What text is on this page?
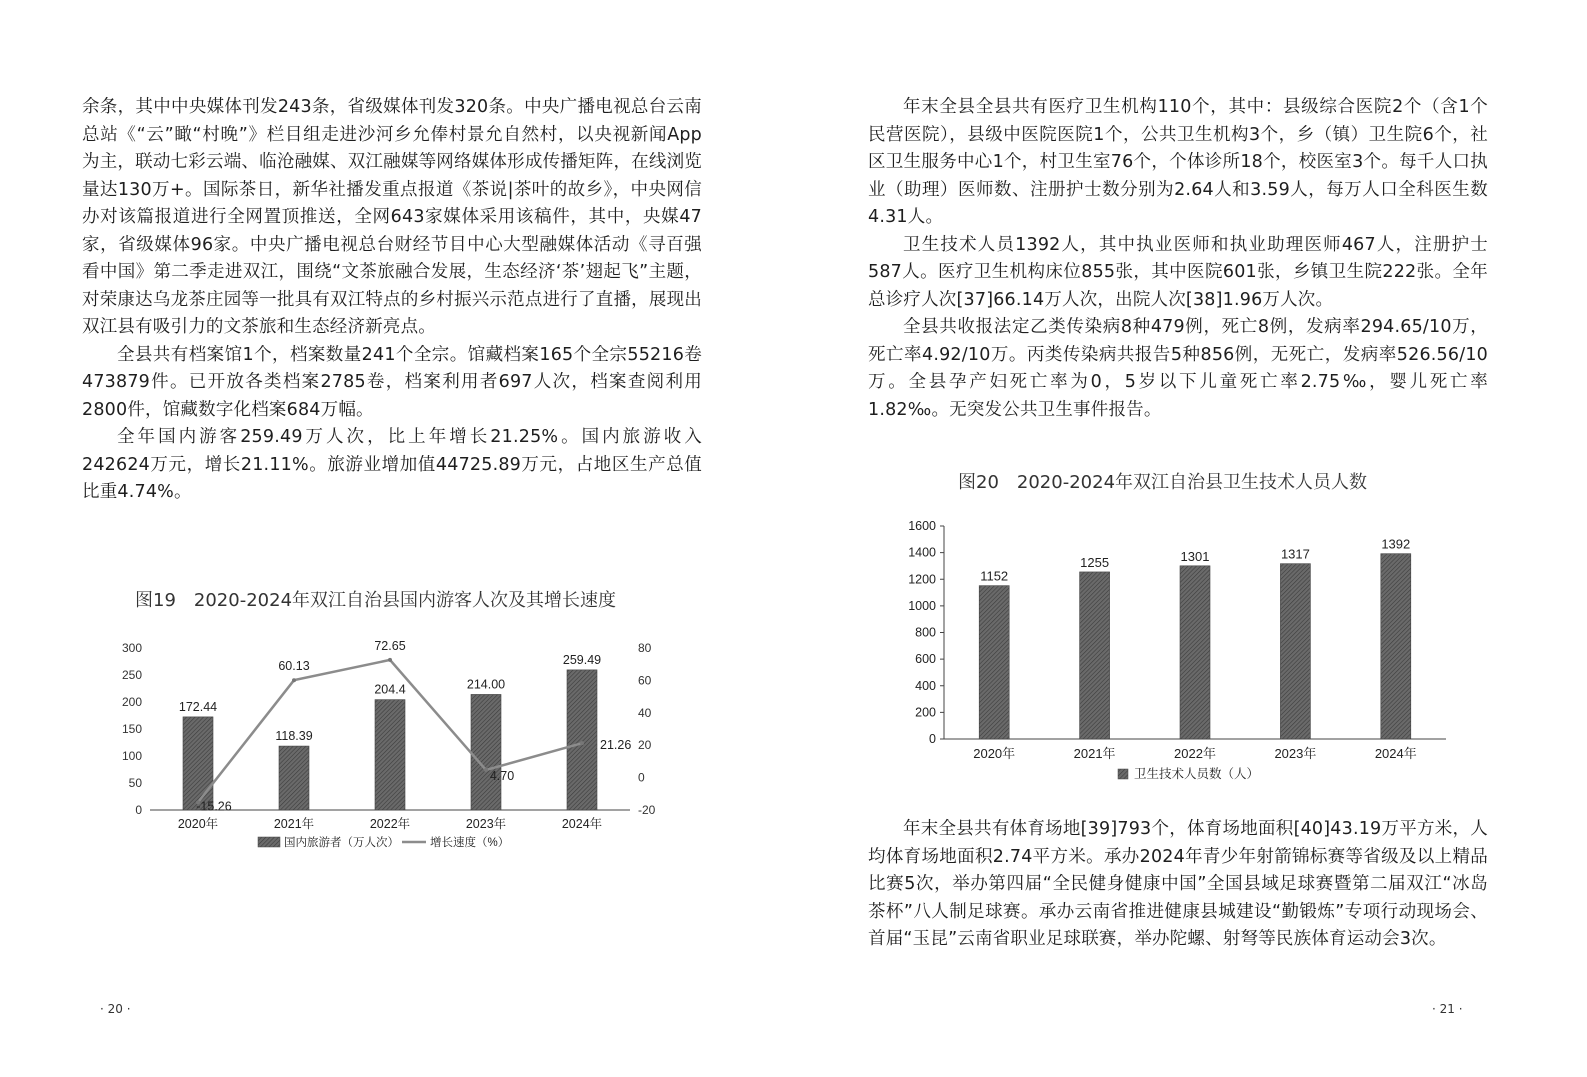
余条，其中中央媒体刊发243条，省级媒体刊发320条。中央广播电视总台云南总站《“云”瞰“村晚”》栏目组走进沙河乡允俸村景允自然村，以央视新闻App为主，联动七彩云端、临沧融媒、双江融媒等网络媒体形成传播矩阵，在线浏览量达130万+。国际茶日，新华社播发重点报道《茶说|茶叶的故乡》，中央网信办对该篇报道进行全网置顶推送，全网643家媒体采用该稿件，其中，央媒47家，省级媒体96家。中央广播电视总台财经节目中心大型融媒体活动《寻百强 看中国》第二季走进双江，围绕“文茶旅融合发展，生态经济‘茶’翅起飞”主题，对荣康达乌龙茶庄园等一批具有双江特点的乡村振兴示范点进行了直播，展现出双江县有吸引力的文茶旅和生态经济新亮点。

全县共有档案馆1个，档案数量241个全宗。馆藏档案165个全宗55216卷473879件。已开放各类档案2785卷，档案利用者697人次，档案查阅利用2800件，馆藏数字化档案684万幅。

全年国内游客259.49万人次，比上年增长21.25%。国内旅游收入242624万元，增长21.11%。旅游业增加值44725.89万元，占地区生产总值比重4.74%。

图19　2020-2024年双江自治县国内游客人次及其增长速度
172.44
118.39
204.4	214.00
259.49
-15.26
60.13
72.65
4.70
21.26
0
50
100
150
200
250
300
-20
0
20
40
60
80
2020年	2021年	2022年	2023年	2024年
国内旅游者（万人次）	增长速度（%）
· 20 ·

年末全县全县共有医疗卫生机构110个，其中：县级综合医院2个（含1个民营医院），县级中医院医院1个，公共卫生机构3个，乡（镇）卫生院6个，社区卫生服务中心1个，村卫生室76个，个体诊所18个，校医室3个。每千人口执业（助理）医师数、注册护士数分别为2.64人和3.59人，每万人口全科医生数4.31人。

卫生技术人员1392人，其中执业医师和执业助理医师467人，注册护士587人。医疗卫生机构床位855张，其中医院601张，乡镇卫生院222张。全年总诊疗人次[37]66.14万人次，出院人次[38]1.96万人次。

全县共收报法定乙类传染病8种479例，死亡8例，发病率294.65/10万，死亡率4.92/10万。丙类传染病共报告5种856例，无死亡，发病率526.56/10万。全县孕产妇死亡率为0，5岁以下儿童死亡率2.75‰，婴儿死亡率1.82‰。无突发公共卫生事件报告。

图20　2020-2024年双江自治县卫生技术人员人数
1152
1255	1301	1317
1392
0
200
400
600
800
1000
1200
1400
1600
2020年	2021年	2022年	2023年	2024年
卫生技术人员数（人）

年末全县共有体育场地[39]793个，体育场地面积[40]43.19万平方米，人均体育场地面积2.74平方米。承办2024年青少年射箭锦标赛等省级及以上精品比赛5次，举办第四届“全民健身健康中国”全国县域足球赛暨第二届双江“冰岛茶杯”八人制足球赛。承办云南省推进健康县城建设“勤锻炼”专项行动现场会、首届“玉昆”云南省职业足球联赛，举办陀螺、射弩等民族体育运动会3次。

· 21 ·
